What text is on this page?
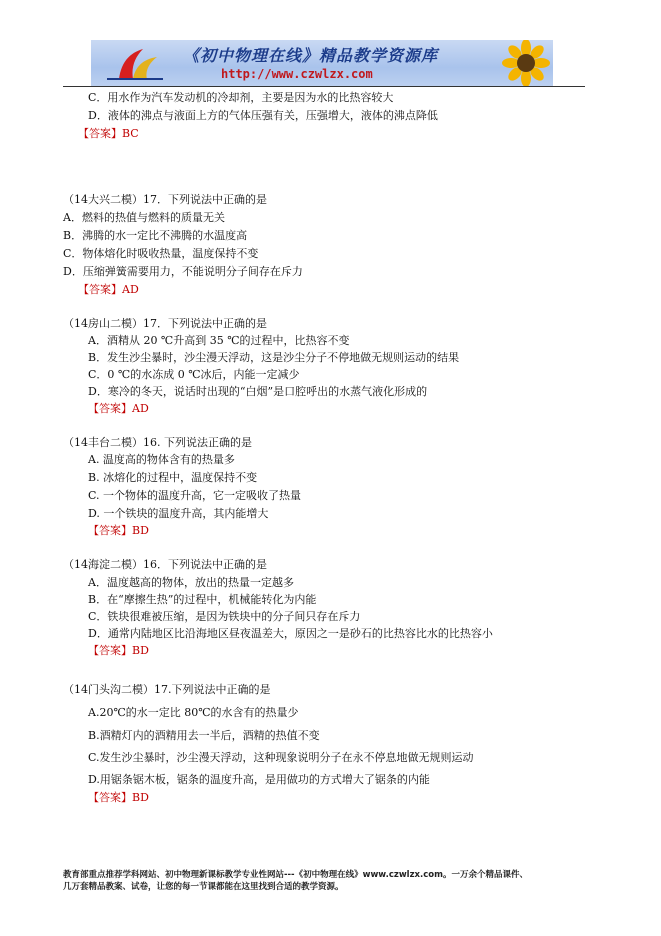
《初中物理在线》精品教学资源库
http://www.czwlzx.com
C．用水作为汽车发动机的冷却剂，主要是因为水的比热容较大
D．液体的沸点与液面上方的气体压强有关，压强增大，液体的沸点降低
【答案】BC
（14大兴二模）17．下列说法中正确的是
A．燃料的热值与燃料的质量无关
B．沸腾的水一定比不沸腾的水温度高
C．物体熔化时吸收热量，温度保持不变
D．压缩弹簧需要用力，不能说明分子间存在斥力
【答案】AD
（14房山二模）17．下列说法中正确的是
A．酒精从 20 ℃升高到 35 ℃的过程中，比热容不变
B．发生沙尘暴时，沙尘漫天浮动，这是沙尘分子不停地做无规则运动的结果
C．0 ℃的水冻成 0 ℃冰后，内能一定减少
D．寒冷的冬天，说话时出现的“白烟”是口腔呼出的水蒸气液化形成的
【答案】AD
（14丰台二模）16. 下列说法正确的是
A. 温度高的物体含有的热量多
B. 冰熔化的过程中，温度保持不变
C. 一个物体的温度升高，它一定吸收了热量
D. 一个铁块的温度升高，其内能增大
【答案】BD
（14海淀二模）16．下列说法中正确的是
A．温度越高的物体，放出的热量一定越多
B．在“摩擦生热”的过程中，机械能转化为内能
C．铁块很难被压缩，是因为铁块中的分子间只存在斥力
D．通常内陆地区比沿海地区昼夜温差大，原因之一是砂石的比热容比水的比热容小
【答案】BD
（14门头沟二模）17.下列说法中正确的是
A.20℃的水一定比 80℃的水含有的热量少
B.酒精灯内的酒精用去一半后，酒精的热值不变
C.发生沙尘暴时，沙尘漫天浮动，这种现象说明分子在永不停息地做无规则运动
D.用锯条锯木板，锯条的温度升高，是用做功的方式增大了锯条的内能
【答案】BD
教育部重点推荐学科网站、初中物理新课标教学专业性网站---《初中物理在线》www.czwlzx.com。一万余个精品课件、
几万套精品教案、试卷，让您的每一节课都能在这里找到合适的教学资源。
